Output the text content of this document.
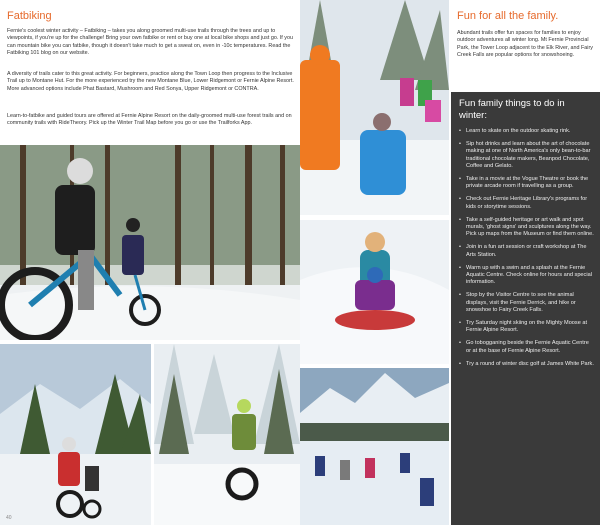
Fatbiking

Fernie's coolest winter activity – Fatbiking – takes you along groomed multi-use trails through the trees and up to viewpoints, if you're up for the challenge! Bring your own fatbike or rent or buy one at local bike shops and just go. If you can mountain bike you can fatbike, though it doesn't take much to get a sweat on, even in -10c temperatures. Read the Fatbiking 101 blog on our website.

A diversity of trails cater to this great activity. For beginners, practice along the Town Loop then progress to the Inclusive Trail up to Montane Hut. For the more experienced try the new Montane Blue, Lower Ridgemont or Fernie Alpine Resort. More advanced options include Phat Bastard, Mushroom and Red Sonya, Upper Ridgemont or CONTRA.

Learn-to-fatbike and guided tours are offered at Fernie Alpine Resort on the daily-groomed multi-use forest trails and on community trails with RideTheory. Pick up the Winter Trail Map before you go or use the Trailforks App.

40
Fun for all the family.

Abundant trails offer fun spaces for families to enjoy outdoor adventures all winter long. Mt Fernie Provincial Park, the Tower Loop adjacent to the Elk River, and Fairy Creek Falls are popular options for snowshoeing.

Fun family things to do in winter:
• Learn to skate on the outdoor skating rink.
• Sip hot drinks and learn about the art of chocolate making at one of North America's only bean-to-bar traditional chocolate makers, Beanpod Chocolate, Coffee and Gelato.
• Take in a movie at the Vogue Theatre or book the private arcade room if travelling as a group.
• Check out Fernie Heritage Library's programs for kids or storytime sessions.
• Take a self-guided heritage or art walk and spot murals, 'ghost signs' and sculptures along the way. Pick up maps from the Museum or find them online.
• Join in a fun art session or craft workshop at The Arts Station.
• Warm up with a swim and a splash at the Fernie Aquatic Centre. Check online for hours and special information.
• Stop by the Visitor Centre to see the animal displays, visit the Fernie Derrick, and hike or snowshoe to Fairy Creek Falls.
• Try Saturday night skiing on the Mighty Moose at Fernie Alpine Resort.
• Go tobogganing beside the Fernie Aquatic Centre or at the base of Fernie Alpine Resort.
• Try a round of winter disc golf at James White Park.
